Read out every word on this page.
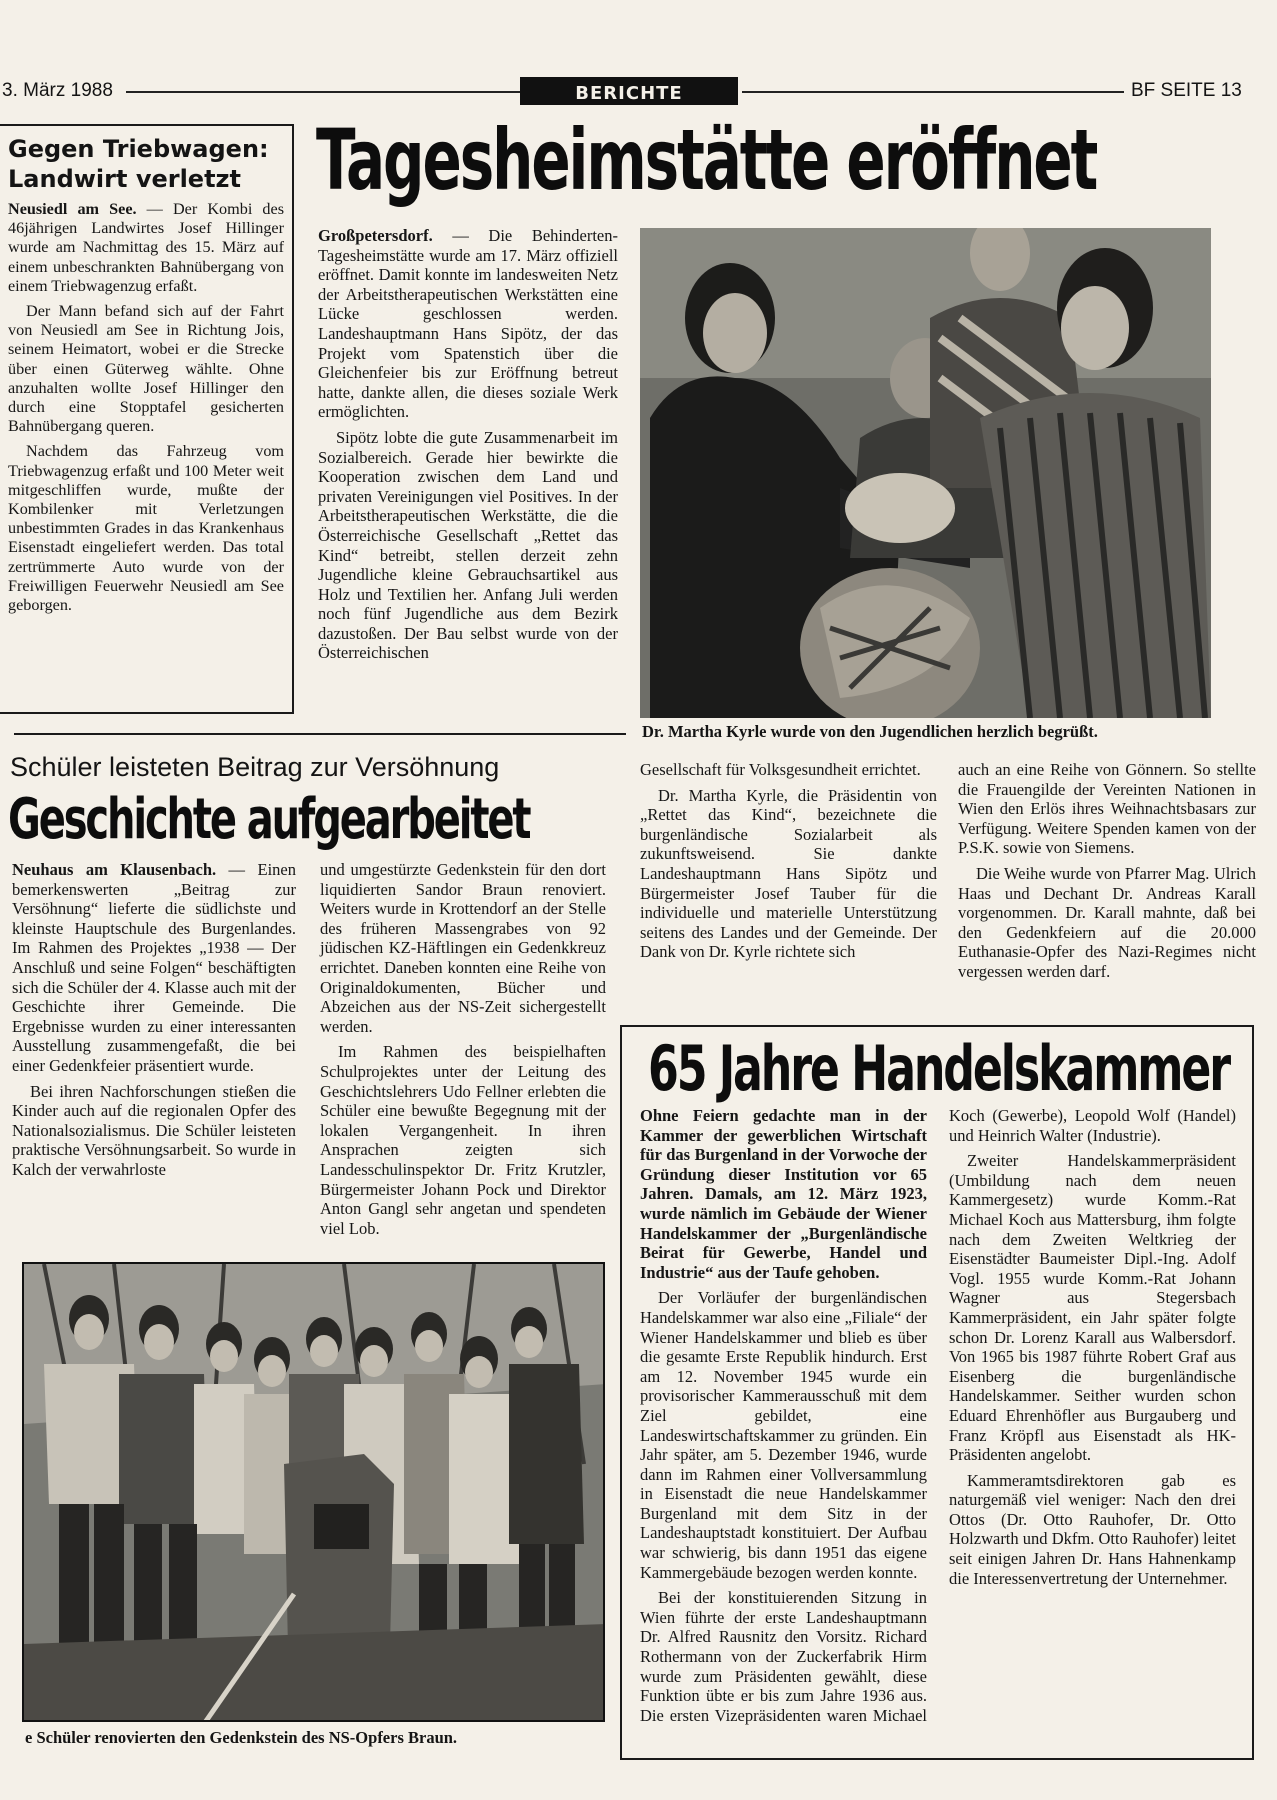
3. März 1988	BERICHTE	BF SEITE 13
Gegen Triebwagen:
Landwirt verletzt

Neusiedl am See. — Der Kombi des 46jährigen Landwirtes Josef Hillinger wurde am Nachmittag des 15. März auf einem unbeschrankten Bahnübergang von einem Triebwagenzug erfaßt.

Der Mann befand sich auf der Fahrt von Neusiedl am See in Richtung Jois, seinem Heimatort, wobei er die Strecke über einen Güterweg wählte. Ohne anzuhalten wollte Josef Hillinger den durch eine Stopptafel gesicherten Bahnübergang queren.

Nachdem das Fahrzeug vom Triebwagenzug erfaßt und 100 Meter weit mitgeschliffen wurde, mußte der Kombilenker mit Verletzungen unbestimmten Grades in das Krankenhaus Eisenstadt eingeliefert werden. Das total zertrümmerte Auto wurde von der Freiwilligen Feuerwehr Neusiedl am See geborgen.

Tagesheimstätte eröffnet

Großpetersdorf. — Die Behinderten-Tagesheimstätte wurde am 17. März offiziell eröffnet. Damit konnte im landesweiten Netz der Arbeitstherapeutischen Werkstätten eine Lücke geschlossen werden. Landeshauptmann Hans Sipötz, der das Projekt vom Spatenstich über die Gleichenfeier bis zur Eröffnung betreut hatte, dankte allen, die dieses soziale Werk ermöglichten.

Sipötz lobte die gute Zusammenarbeit im Sozialbereich. Gerade hier bewirkte die Kooperation zwischen dem Land und privaten Vereinigungen viel Positives. In der Arbeitstherapeutischen Werkstätte, die die Österreichische Gesellschaft „Rettet das Kind“ betreibt, stellen derzeit zehn Jugendliche kleine Gebrauchsartikel aus Holz und Textilien her. Anfang Juli werden noch fünf Jugendliche aus dem Bezirk dazustoßen. Der Bau selbst wurde von der Österreichischen

Dr. Martha Kyrle wurde von den Jugendlichen herzlich begrüßt.

Gesellschaft für Volksgesundheit errichtet.

Dr. Martha Kyrle, die Präsidentin von „Rettet das Kind“, bezeichnete die burgenländische Sozialarbeit als zukunftsweisend. Sie dankte Landeshauptmann Hans Sipötz und Bürgermeister Josef Tauber für die individuelle und materielle Unterstützung seitens des Landes und der Gemeinde. Der Dank von Dr. Kyrle richtete sich

auch an eine Reihe von Gönnern. So stellte die Frauengilde der Vereinten Nationen in Wien den Erlös ihres Weihnachtsbasars zur Verfügung. Weitere Spenden kamen von der P.S.K. sowie von Siemens.

Die Weihe wurde von Pfarrer Mag. Ulrich Haas und Dechant Dr. Andreas Karall vorgenommen. Dr. Karall mahnte, daß bei den Gedenkfeiern auf die 20.000 Euthanasie-Opfer des Nazi-Regimes nicht vergessen werden darf.

Schüler leisteten Beitrag zur Versöhnung
Geschichte aufgearbeitet

Neuhaus am Klausenbach. — Einen bemerkenswerten „Beitrag zur Versöhnung“ lieferte die südlichste und kleinste Hauptschule des Burgenlandes. Im Rahmen des Projektes „1938 — Der Anschluß und seine Folgen“ beschäftigten sich die Schüler der 4. Klasse auch mit der Geschichte ihrer Gemeinde. Die Ergebnisse wurden zu einer interessanten Ausstellung zusammengefaßt, die bei einer Gedenkfeier präsentiert wurde.

Bei ihren Nachforschungen stießen die Kinder auch auf die regionalen Opfer des Nationalsozialismus. Die Schüler leisteten praktische Versöhnungsarbeit. So wurde in Kalch der verwahrloste

und umgestürzte Gedenkstein für den dort liquidierten Sandor Braun renoviert. Weiters wurde in Krottendorf an der Stelle des früheren Massengrabes von 92 jüdischen KZ-Häftlingen ein Gedenkkreuz errichtet. Daneben konnten eine Reihe von Originaldokumenten, Bücher und Abzeichen aus der NS-Zeit sichergestellt werden.

Im Rahmen des beispielhaften Schulprojektes unter der Leitung des Geschichtslehrers Udo Fellner erlebten die Schüler eine bewußte Begegnung mit der lokalen Vergangenheit. In ihren Ansprachen zeigten sich Landesschulinspektor Dr. Fritz Krutzler, Bürgermeister Johann Pock und Direktor Anton Gangl sehr angetan und spendeten viel Lob.

e Schüler renovierten den Gedenkstein des NS-Opfers Braun.
65 Jahre Handelskammer

Ohne Feiern gedachte man in der Kammer der gewerblichen Wirtschaft für das Burgenland in der Vorwoche der Gründung dieser Institution vor 65 Jahren. Damals, am 12. März 1923, wurde nämlich im Gebäude der Wiener Handelskammer der „Burgenländische Beirat für Gewerbe, Handel und Industrie“ aus der Taufe gehoben.

Der Vorläufer der burgenländischen Handelskammer war also eine „Filiale“ der Wiener Handelskammer und blieb es über die gesamte Erste Republik hindurch. Erst am 12. November 1945 wurde ein provisorischer Kammerausschuß mit dem Ziel gebildet, eine Landeswirtschaftskammer zu gründen. Ein Jahr später, am 5. Dezember 1946, wurde dann im Rahmen einer Vollversammlung in Eisenstadt die neue Handelskammer Burgenland mit dem Sitz in der Landeshauptstadt konstituiert. Der Aufbau war schwierig, bis dann 1951 das eigene Kammergebäude bezogen werden konnte.

Bei der konstituierenden Sitzung in Wien führte der erste Landeshauptmann Dr. Alfred Rausnitz den Vorsitz. Richard Rothermann von der Zuckerfabrik Hirm wurde zum Präsidenten gewählt, diese Funktion übte er bis zum Jahre 1936 aus. Die ersten Vizepräsidenten waren Michael Koch (Gewerbe), Leopold Wolf (Handel) und Heinrich Walter (Industrie).

Zweiter Handelskammerpräsident (Umbildung nach dem neuen Kammergesetz) wurde Komm.-Rat Michael Koch aus Mattersburg, ihm folgte nach dem Zweiten Weltkrieg der Eisenstädter Baumeister Dipl.-Ing. Adolf Vogl. 1955 wurde Komm.-Rat Johann Wagner aus Stegersbach Kammerpräsident, ein Jahr später folgte schon Dr. Lorenz Karall aus Walbersdorf. Von 1965 bis 1987 führte Robert Graf aus Eisenberg die burgenländische Handelskammer. Seither wurden schon Eduard Ehrenhöfler aus Burgauberg und Franz Kröpfl aus Eisenstadt als HK-Präsidenten angelobt.

Kammeramtsdirektoren gab es naturgemäß viel weniger: Nach den drei Ottos (Dr. Otto Rauhofer, Dr. Otto Holzwarth und Dkfm. Otto Rauhofer) leitet seit einigen Jahren Dr. Hans Hahnenkamp die Interessenvertretung der Unternehmer.
